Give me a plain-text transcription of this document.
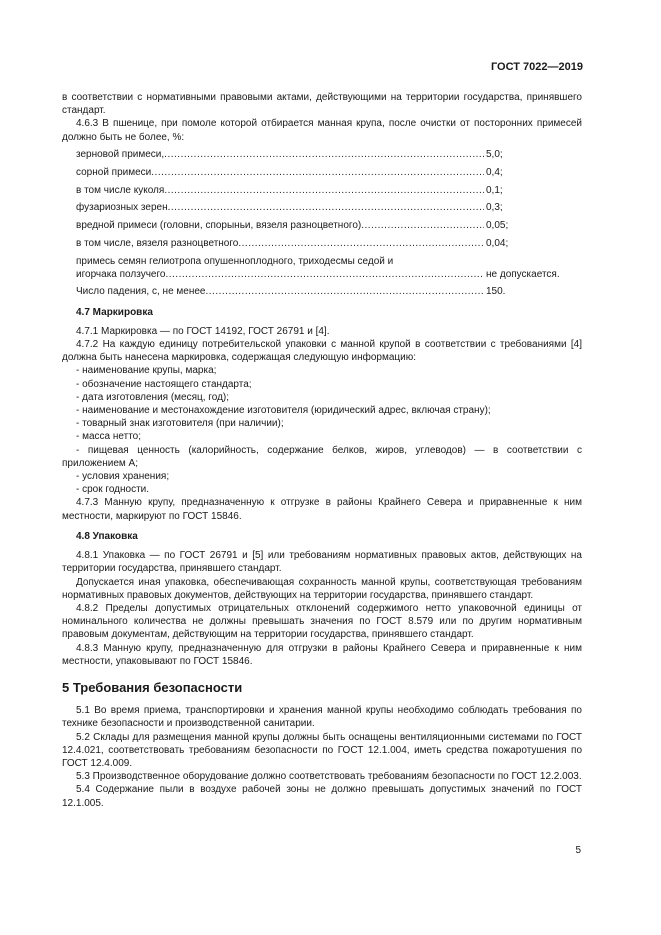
ГОСТ 7022—2019

в соответствии с нормативными правовыми актами, действующими на территории государства, принявшего стандарт.

4.6.3 В пшенице, при помоле которой отбирается манная крупа, после очистки от посторонних примесей должно быть не более, %:

зерновой примеси, .....	5,0;
сорной примеси .....	0,4;
в том числе куколя .....	0,1;
фузариозных зерен .....	0,3;
вредной примеси (головни, спорыньи, вязеля разноцветного) .....	0,05;
в том числе, вязеля разноцветного .....	0,04;
примесь семян гелиотропа опушенноплодного, триходесмы седой и
игорчака ползучего .....	не допускается.
Число падения, с, не менее .....	150.
4.7 Маркировка

4.7.1 Маркировка — по ГОСТ 14192, ГОСТ 26791 и [4].

4.7.2 На каждую единицу потребительской упаковки с манной крупой в соответствии с требованиями [4] должна быть нанесена маркировка, содержащая следующую информацию:

- наименование крупы, марка;

- обозначение настоящего стандарта;

- дата изготовления (месяц, год);

- наименование и местонахождение изготовителя (юридический адрес, включая страну);

- товарный знак изготовителя (при наличии);

- масса нетто;

- пищевая ценность (калорийность, содержание белков, жиров, углеводов) — в соответствии с приложением А;

- условия хранения;

- срок годности.

4.7.3 Манную крупу, предназначенную к отгрузке в районы Крайнего Севера и приравненные к ним местности, маркируют по ГОСТ 15846.

4.8 Упаковка

4.8.1 Упаковка — по ГОСТ 26791 и [5] или требованиям нормативных правовых актов, действующих на территории государства, принявшего стандарт.

Допускается иная упаковка, обеспечивающая сохранность манной крупы, соответствующая требованиям нормативных правовых документов, действующих на территории государства, принявшего стандарт.

4.8.2 Пределы допустимых отрицательных отклонений содержимого нетто упаковочной единицы от номинального количества не должны превышать значения по ГОСТ 8.579 или по другим нормативным правовым документам, действующим на территории государства, принявшего стандарт.

4.8.3 Манную крупу, предназначенную для отгрузки в районы Крайнего Севера и приравненные к ним местности, упаковывают по ГОСТ 15846.

5 Требования безопасности

5.1 Во время приема, транспортировки и хранения манной крупы необходимо соблюдать требования по технике безопасности и производственной санитарии.

5.2 Склады для размещения манной крупы должны быть оснащены вентиляционными системами по ГОСТ 12.4.021, соответствовать требованиям безопасности по ГОСТ 12.1.004, иметь средства пожаротушения по ГОСТ 12.4.009.

5.3 Производственное оборудование должно соответствовать требованиям безопасности по ГОСТ 12.2.003.

5.4 Содержание пыли в воздухе рабочей зоны не должно превышать допустимых значений по ГОСТ 12.1.005.

5
